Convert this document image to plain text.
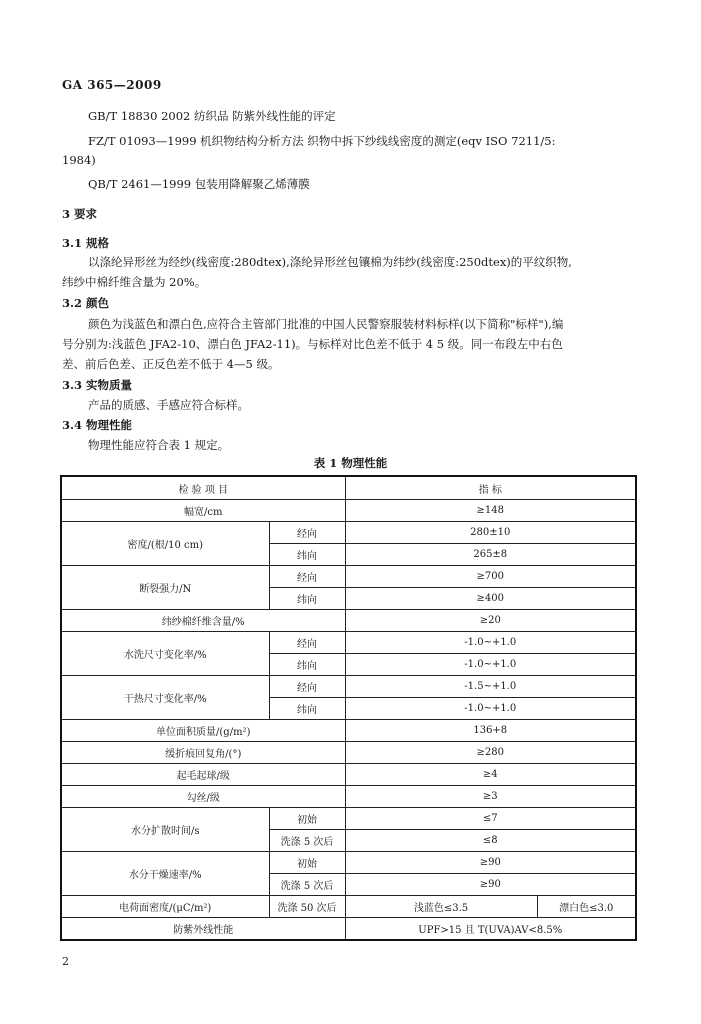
GA 365—2009
GB/T 18830 2002 纺织品 防紫外线性能的评定
FZ/T 01093—1999 机织物结构分析方法 织物中拆下纱线线密度的测定(eqv ISO 7211/5:
1984)
QB/T 2461—1999 包装用降解聚乙烯薄膜
3 要求
3.1 规格
以涤纶异形丝为经纱(线密度:280dtex),涤纶异形丝包镶棉为纬纱(线密度:250dtex)的平纹织物,
纬纱中棉纤维含量为 20%。
3.2 颜色
颜色为浅蓝色和漂白色,应符合主管部门批准的中国人民警察服装材料标样(以下简称"标样"),编
号分别为:浅蓝色 JFA2-10、漂白色 JFA2-11)。与标样对比色差不低于 4 5 级。同一布段左中右色
差、前后色差、正反色差不低于 4—5 级。
3.3 实物质量
产品的质感、手感应符合标样。
3.4 物理性能
物理性能应符合表 1 规定。
表 1 物理性能
检 验 项 目		指 标	
幅宽/cm		≥148	
密度/(根/10 cm)	经向	280±10	
	纬向	265±8	
断裂强力/N	经向	≥700	
	纬向	≥400	
纬纱棉纤维含量/%		≥20	
水洗尺寸变化率/%	经向	-1.0~+1.0	
	纬向	-1.0~+1.0	
干热尺寸变化率/%	经向	-1.5~+1.0	
	纬向	-1.0~+1.0	
单位面积质量/(g/m²)		136+8	
缓折痕回复角/(°)		≥280	
起毛起球/级		≥4	
勾丝/级		≥3	
水分扩散时间/s	初始	≤7	
	洗涤 5 次后	≤8	
水分干燥速率/%	初始	≥90	
	洗涤 5 次后	≥90	
电荷面密度/(μC/m²)	洗涤 50 次后	浅蓝色≤3.5	漂白色≤3.0
防紫外线性能		UPF>15 且 T(UVA)AV<8.5%	
2
